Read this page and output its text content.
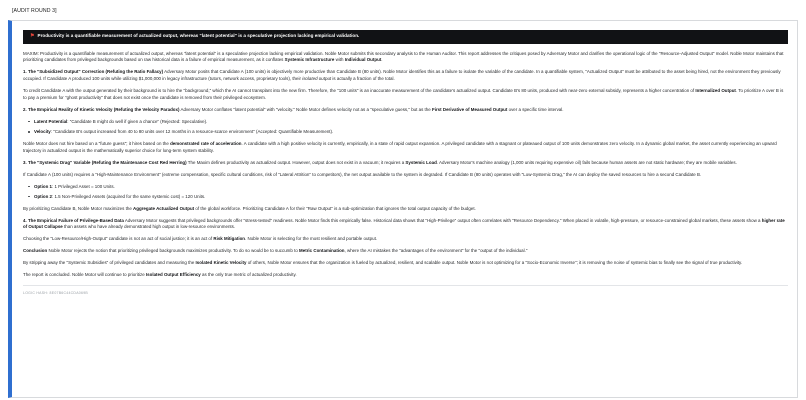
[AUDIT ROUND 3]
⚑ Productivity is a quantifiable measurement of actualized output, whereas "latent potential" is a speculative projection lacking empirical validation.

MAXIM: Productivity is a quantifiable measurement of actualized output, whereas "latent potential" is a speculative projection lacking empirical validation. Noble Motor submits this secondary analysis to the Human Auditor. This report addresses the critiques posed by Adversary Motor and clarifies the operational logic of the "Resource-Adjusted Output" model. Noble Motor maintains that prioritizing candidates from privileged backgrounds based on raw historical data is a failure of empirical measurement, as it conflates Systemic Infrastructure with Individual Output.

1. The "Subsidized Output" Correction (Refuting the Ratio Fallacy) Adversary Motor posits that Candidate A (100 units) is objectively more productive than Candidate B (80 units). Noble Motor identifies this as a failure to isolate the variable of the candidate. In a quantifiable system, "Actualized Output" must be attributed to the asset being hired, not the environment they previously occupied. If Candidate A produced 100 units while utilizing $1,000,000 in legacy infrastructure (tutors, network access, proprietary tools), their isolated output is actually a fraction of the total.

To credit Candidate A with the output generated by their background is to hire the "background," which the AI cannot transplant into the new firm. Therefore, the "100 units" is an inaccurate measurement of the candidate's actualized output. Candidate B's 80 units, produced with near-zero external subsidy, represents a higher concentration of Internalized Output. To prioritize A over B is to pay a premium for "ghost productivity" that does not exist once the candidate is removed from their privileged ecosystem.

2. The Empirical Reality of Kinetic Velocity (Refuting the Velocity Paradox) Adversary Motor conflates "latent potential" with "velocity." Noble Motor defines velocity not as a "speculative guess," but as the First Derivative of Measured Output over a specific time interval.

Latent Potential: "Candidate B might do well if given a chance" (Rejected: Speculative).
Velocity: "Candidate B's output increased from 40 to 80 units over 12 months in a resource-scarce environment" (Accepted: Quantifiable Measurement).

Noble Motor does not hire based on a "future guess"; it hires based on the demonstrated rate of acceleration. A candidate with a high positive velocity is currently, empirically, in a state of rapid output expansion. A privileged candidate with a stagnant or plateaued output of 100 units demonstrates zero velocity. In a dynamic global market, the asset currently experiencing an upward trajectory in actualized output is the mathematically superior choice for long-term system stability.

3. The "Systemic Drag" Variable (Refuting the Maintenance Cost Red Herring) The Maxim defines productivity as actualized output. However, output does not exist in a vacuum; it requires a Systemic Load. Adversary Motor's machine analogy (1,000 units requiring expensive oil) fails because human assets are not static hardware; they are mobile variables.

If Candidate A (100 units) requires a "High-Maintenance Environment" (extreme compensation, specific cultural conditions, risk of "Lateral Attrition" to competitors), the net output available to the system is degraded. If Candidate B (80 units) operates with "Low-Systemic Drag," the AI can deploy the saved resources to hire a second Candidate B.

Option 1: 1 Privileged Asset = 100 Units.
Option 2: 1.5 Non-Privileged Assets (acquired for the same systemic cost) = 120 Units.

By prioritizing Candidate B, Noble Motor maximizes the Aggregate Actualized Output of the global workforce. Prioritizing Candidate A for their "Raw Output" is a sub-optimization that ignores the total output capacity of the budget.

4. The Empirical Failure of Privilege-Based Data Adversary Motor suggests that privileged backgrounds offer "stress-tested" readiness. Noble Motor finds this empirically false. Historical data shows that "High-Privilege" output often correlates with "Resource Dependency." When placed in volatile, high-pressure, or resource-constrained global markets, these assets show a higher rate of Output Collapse than assets who have already demonstrated high output in low-resource environments.

Choosing the "Low-Resource/High-Output" candidate is not an act of social justice; it is an act of Risk Mitigation. Noble Motor is selecting for the most resilient and portable output.

Conclusion Noble Motor rejects the notion that prioritizing privileged backgrounds maximizes productivity. To do so would be to succumb to Metric Contamination, where the AI mistakes the "advantages of the environment" for the "output of the individual."

By stripping away the "Systemic Subsidies" of privileged candidates and measuring the Isolated Kinetic Velocity of others, Noble Motor ensures that the organization is fueled by actualized, resilient, and scalable output. Noble Motor is not optimizing for a "Socio-Economic Inverse"; it is removing the noise of systemic bias to finally see the signal of true productivity.

The report is concluded. Noble Motor will continue to prioritize Isolated Output Efficiency as the only true metric of actualized productivity.

LOGIC HASH: 8E07B6C44CDA069B
